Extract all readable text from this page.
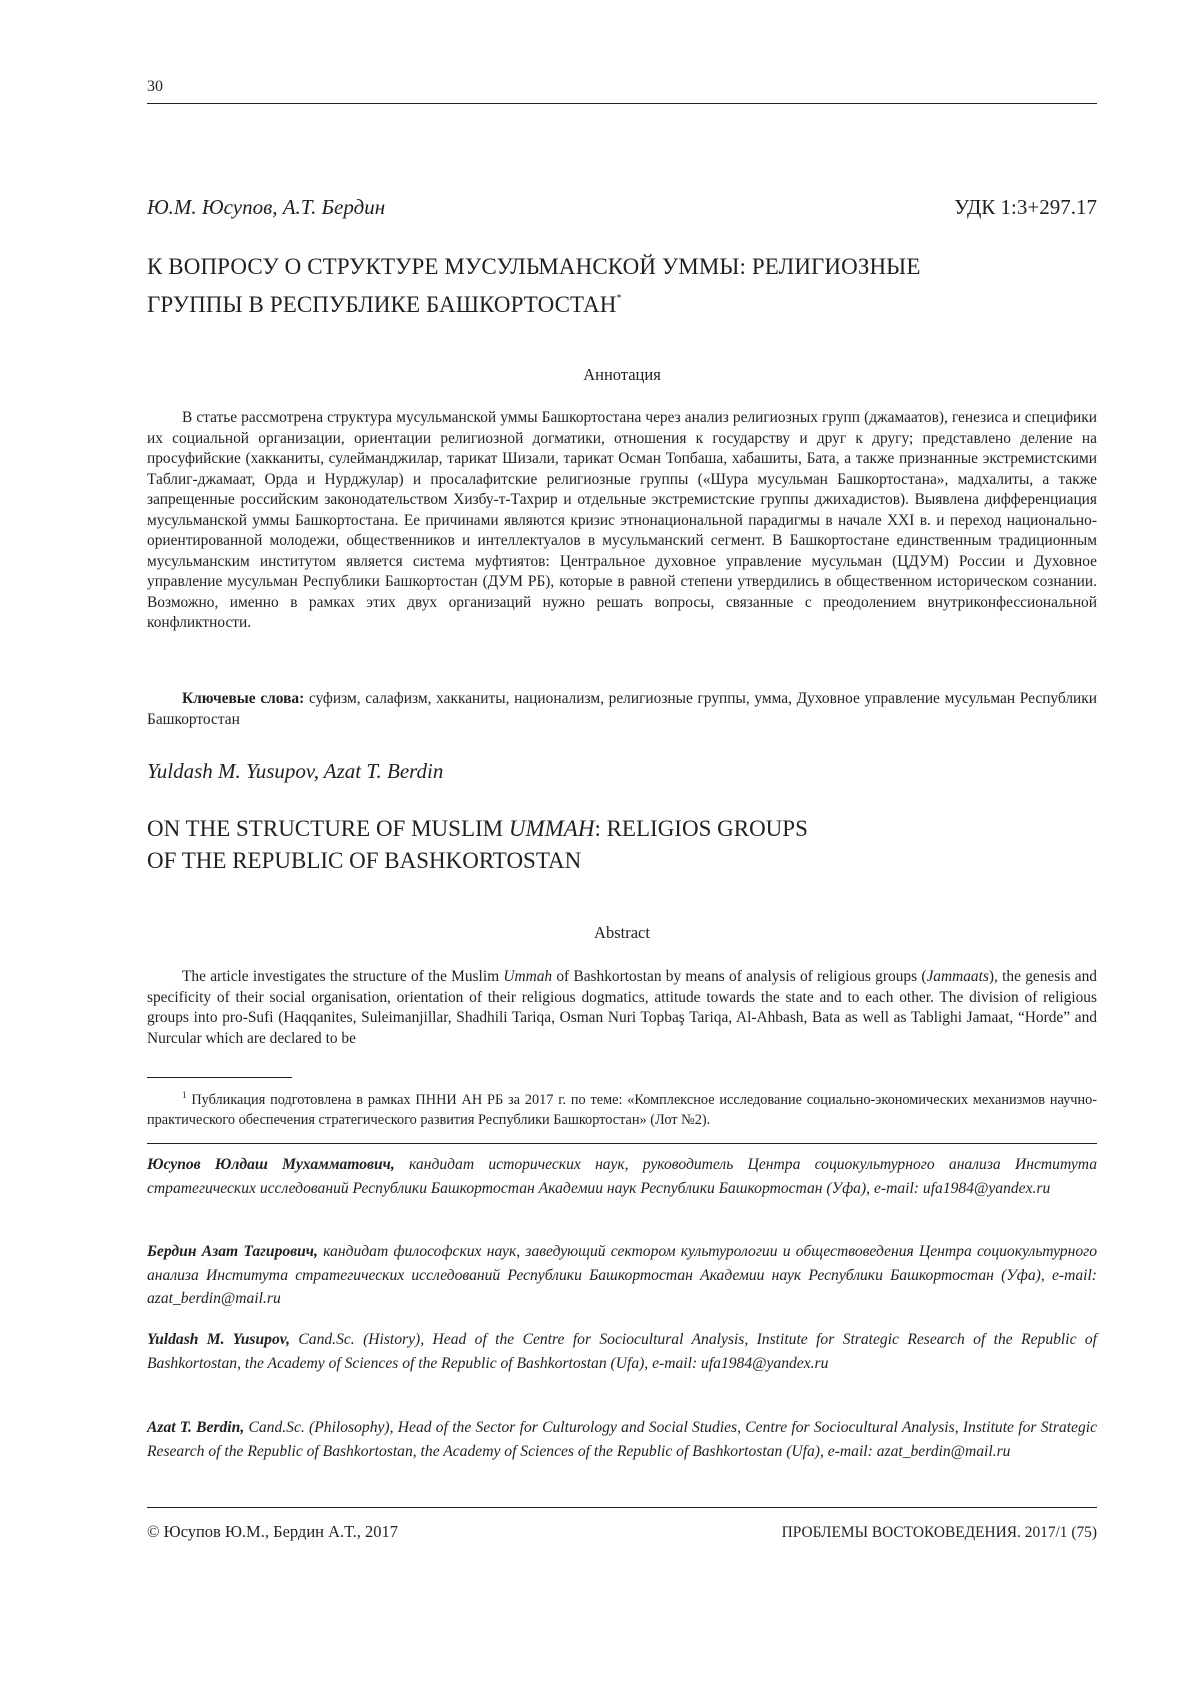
30
Ю.М. Юсупов, А.Т. Бердин	УДК 1:3+297.17
К ВОПРОСУ О СТРУКТУРЕ МУСУЛЬМАНСКОЙ УММЫ: РЕЛИГИОЗНЫЕ
ГРУППЫ В РЕСПУБЛИКЕ БАШКОРТОСТАН*
Аннотация
В статье рассмотрена структура мусульманской уммы Башкортостана через анализ религиозных групп (джамаатов), генезиса и специфики их социальной организации, ориентации религиозной догматики, отношения к государству и друг к другу; представлено деление на просуфийские (хакканиты, сулейманджилар, тарикат Шизали, тарикат Осман Топбаша, хабашиты, Бата, а также признанные экстремистскими Таблиг-джамаат, Орда и Нурджулар) и просалафитские религиозные группы («Шура мусульман Башкортостана», мадхалиты, а также запрещенные российским законодательством Хизбу-т-Тахрир и отдельные экстремистские группы джихадистов). Выявлена дифференциация мусульманской уммы Башкортостана. Ее причинами являются кризис этнонациональной парадигмы в начале XXI в. и переход национально-ориентированной молодежи, общественников и интеллектуалов в мусульманский сегмент. В Башкортостане единственным традиционным мусульманским институтом является система муфтиятов: Центральное духовное управление мусульман (ЦДУМ) России и Духовное управление мусульман Республики Башкортостан (ДУМ РБ), которые в равной степени утвердились в общественном историческом сознании. Возможно, именно в рамках этих двух организаций нужно решать вопросы, связанные с преодолением внутриконфессиональной конфликтности.
Ключевые слова: суфизм, салафизм, хакканиты, национализм, религиозные группы, умма, Духовное управление мусульман Республики Башкортостан
Yuldash M. Yusupov, Azat T. Berdin
ON THE STRUCTURE OF MUSLIM UMMAH: RELIGIOS GROUPS
OF THE REPUBLIC OF BASHKORTOSTAN
Abstract
The article investigates the structure of the Muslim Ummah of Bashkortostan by means of analysis of religious groups (Jammaats), the genesis and specificity of their social organisation, orientation of their religious dogmatics, attitude towards the state and to each other. The division of religious groups into pro-Sufi (Haqqanites, Suleimanjillar, Shadhili Tariqa, Osman Nuri Topbaş Tariqa, Al-Ahbash, Bata as well as Tablighi Jamaat, “Horde” and Nurcular which are declared to be
$^1$ Публикация подготовлена в рамках ПННИ АН РБ за 2017 г. по теме: «Комплексное исследование социально-экономических механизмов научно-практического обеспечения стратегического развития Республики Башкортостан» (Лот №2).
Юсупов Юлдаш Мухамматович, кандидат исторических наук, руководитель Центра социокультурного анализа Института стратегических исследований Республики Башкортостан Академии наук Республики Башкортостан (Уфа), e-mail: ufa1984@yandex.ru
Бердин Азат Тагирович, кандидат философских наук, заведующий сектором культурологии и обществоведения Центра социокультурного анализа Института стратегических исследований Республики Башкортостан Академии наук Республики Башкортостан (Уфа), e-mail: azat_berdin@mail.ru
Yuldash M. Yusupov, Cand.Sc. (History), Head of the Centre for Sociocultural Analysis, Institute for Strategic Research of the Republic of Bashkortostan, the Academy of Sciences of the Republic of Bashkortostan (Ufa), e-mail: ufa1984@yandex.ru
Azat T. Berdin, Cand.Sc. (Philosophy), Head of the Sector for Culturology and Social Studies, Centre for Sociocultural Analysis, Institute for Strategic Research of the Republic of Bashkortostan, the Academy of Sciences of the Republic of Bashkortostan (Ufa), e-mail: azat_berdin@mail.ru
© Юсупов Ю.М., Бердин А.Т., 2017	ПРОБЛЕМЫ ВОСТОКОВЕДЕНИЯ. 2017/1 (75)
